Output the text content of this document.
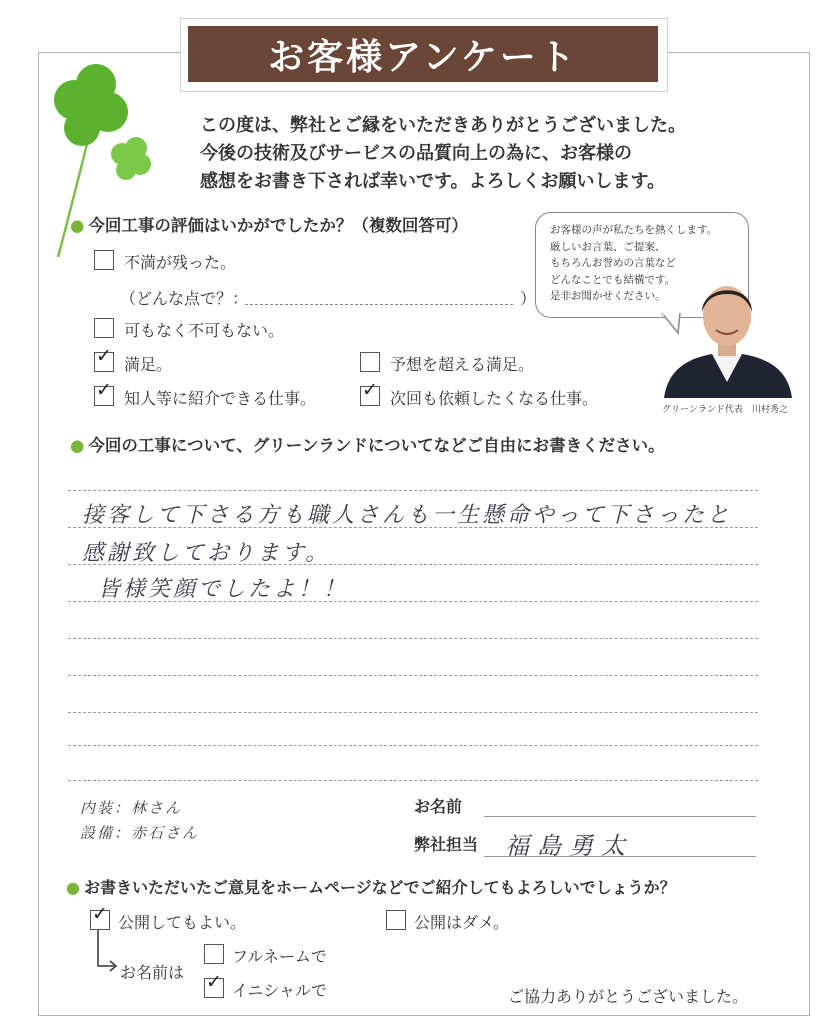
お客様アンケート
この度は、弊社とご縁をいただきありがとうございました。
今後の技術及びサービスの品質向上の為に、お客様の
感想をお書き下されば幸いです。よろしくお願いします。
お客様の声が私たちを熱くします。
厳しいお言葉、ご提案、
もちろんお誉めの言葉など
どんなことでも結構です。
是非お聞かせください。
グリーンランド代表　川村秀之
● 今回工事の評価はいかがでしたか？（複数回答可）
不満が残った。
（どんな点で？：	）
可もなく不可もない。
✓ 満足。	予想を超える満足。
✓ 知人等に紹介できる仕事。 ✓ 次回も依頼したくなる仕事。
● 今回の工事について、グリーンランドについてなどご自由にお書きください。
接客して下さる方も職人さんも一生懸命やって下さったと
感謝致しております。
皆様笑顔でしたよ！！
内装：林さん
設備：赤石さん
お名前
弊社担当 福島勇太
● お書きいただいたご意見をホームページなどでご紹介してもよろしいでしょうか？
✓ 公開してもよい。	公開はダメ。
お名前は
フルネームで
✓ イニシャルで	ご協力ありがとうございました。
